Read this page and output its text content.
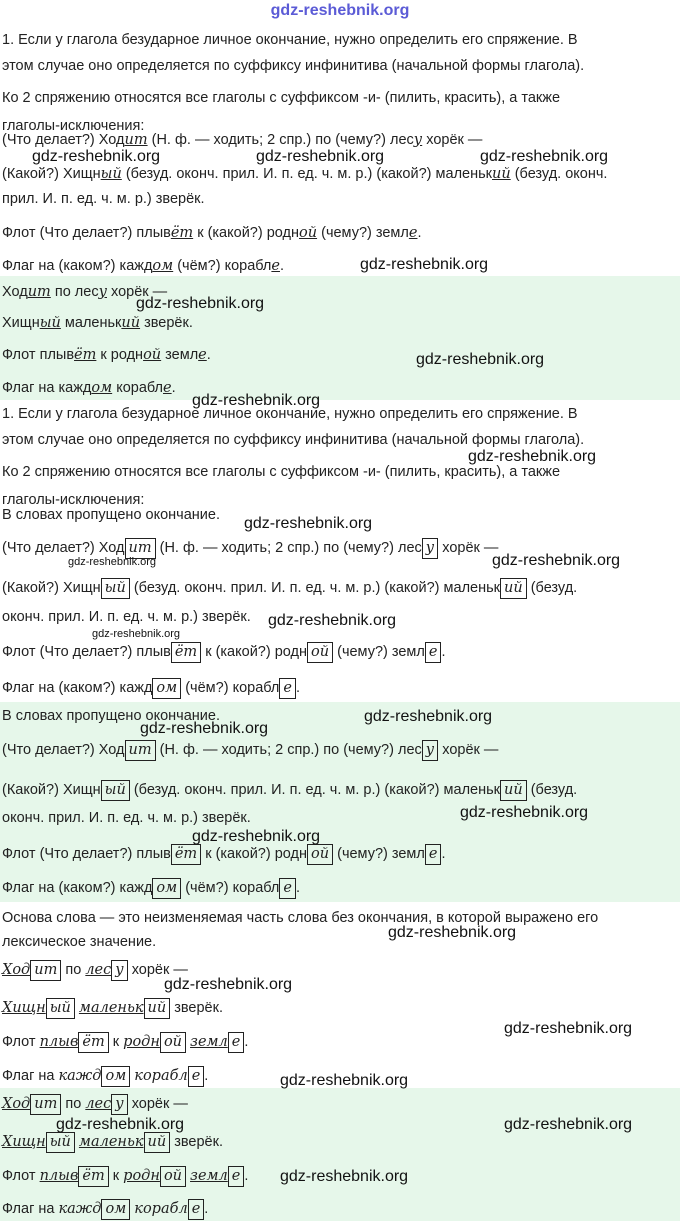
gdz-reshebnik.org
1. Если у глагола безударное личное окончание, нужно определить его спряжение. В
этом случае оно определяется по суффиксу инфинитива (начальной формы глагола).
Ко 2 спряжению относятся все глаголы с суффиксом -и- (пилить, красить), а также
глаголы-исключения:
(Что делает?) Ходит (Н. ф. — ходить; 2 спр.) по (чему?) лесу хорёк —
(Какой?) Хищный (безуд. оконч. прил. И. п. ед. ч. м. р.) (какой?) маленький (безуд. оконч.
прил. И. п. ед. ч. м. р.) зверёк.
Флот (Что делает?) плывёт к (какой?) родной (чему?) земле.
Флаг на (каком?) каждом (чём?) корабле.
Ходит по лесу хорёк —
Хищный маленький зверёк.
Флот плывёт к родной земле.
Флаг на каждом корабле.
1. Если у глагола безударное личное окончание, нужно определить его спряжение. В
этом случае оно определяется по суффиксу инфинитива (начальной формы глагола).
Ко 2 спряжению относятся все глаголы с суффиксом -и- (пилить, красить), а также
глаголы-исключения:
В словах пропущено окончание.
(Что делает?) Ход ит (Н. ф. — ходить; 2 спр.) по (чему?) лес у хорёк —
(Какой?) Хищн ый (безуд. оконч. прил. И. п. ед. ч. м. р.) (какой?) маленьк ий (безуд.
оконч. прил. И. п. ед. ч. м. р.) зверёк.
Флот (Что делает?) плыв ёт к (какой?) родн ой (чему?) земл е .
Флаг на (каком?) кажд ом (чём?) корабл е .
В словах пропущено окончание.
(Что делает?) Ход ит (Н. ф. — ходить; 2 спр.) по (чему?) лес у хорёк —
(Какой?) Хищн ый (безуд. оконч. прил. И. п. ед. ч. м. р.) (какой?) маленьк ий (безуд.
оконч. прил. И. п. ед. ч. м. р.) зверёк.
Флот (Что делает?) плыв ёт к (какой?) родн ой (чему?) земл е .
Флаг на (каком?) кажд ом (чём?) корабл е .
Основа слова — это неизменяемая часть слова без окончания, в которой выражено его
лексическое значение.
Ход ит по лес у хорёк —
Хищн ый маленьк ий зверёк.
Флот плыв ёт к родн ой земл е .
Флаг на кажд ом корабл е .
Ход ит по лес у хорёк —
Хищн ый маленьк ий зверёк.
Флот плыв ёт к родн ой земл е .
Флаг на кажд ом корабл е .
gdz-reshebnik.org	gdz-reshebnik.org	gdz-reshebnik.org
gdz-reshebnik.org
gdz-reshebnik.org
gdz-reshebnik.org
gdz-reshebnik.org
gdz-reshebnik.org
gdz-reshebnik.org
gdz-reshebnik.org
gdz-reshebnik.org
gdz-reshebnik.org
gdz-reshebnik.org
gdz-reshebnik.org
gdz-reshebnik.org
gdz-reshebnik.org
gdz-reshebnik.org
gdz-reshebnik.org
gdz-reshebnik.org
gdz-reshebnik.org
gdz-reshebnik.org
gdz-reshebnik.org	gdz-reshebnik.org
gdz-reshebnik.org
